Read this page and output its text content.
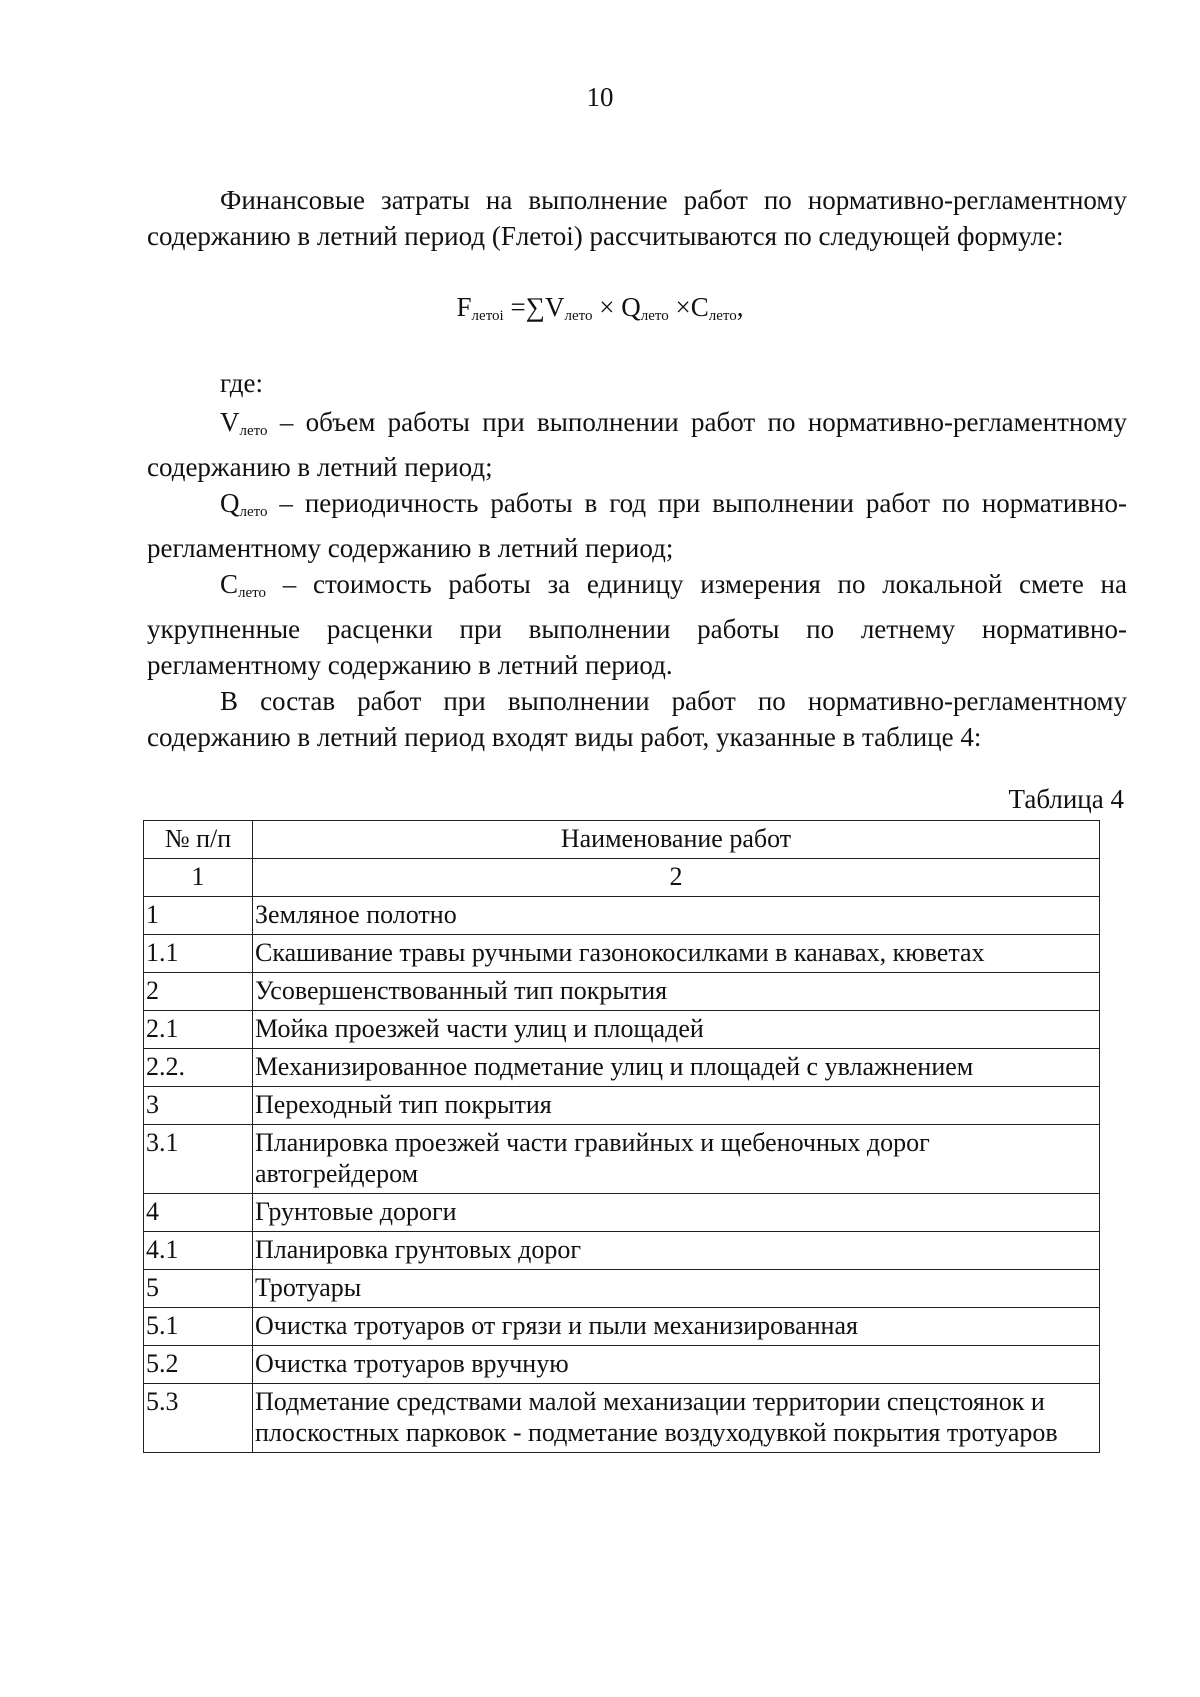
10

Финансовые затраты на выполнение работ по нормативно-регламентному содержанию в летний период (Fлетоi) рассчитываются по следующей формуле:

$F_{летоi} =\sum V_{лето} \times Q_{лето} \times C_{лето}$,
где:

$V_{лето}$ – объем работы при выполнении работ по нормативно-регламентному содержанию в летний период;

$Q_{лето}$ – периодичность работы в год при выполнении работ по нормативно-регламентному содержанию в летний период;

$C_{лето}$ – стоимость работы за единицу измерения по локальной смете на укрупненные расценки при выполнении работы по летнему нормативно-регламентному содержанию в летний период.

В состав работ при выполнении работ по нормативно-регламентному содержанию в летний период входят виды работ, указанные в таблице 4:

Таблица 4
№ п/п	Наименование работ
1	2
1	Земляное полотно
1.1	Скашивание травы ручными газонокосилками в канавах, кюветах
2	Усовершенствованный тип покрытия
2.1	Мойка проезжей части улиц и площадей
2.2.	Механизированное подметание улиц и площадей с увлажнением
3	Переходный тип покрытия
3.1	Планировка проезжей части гравийных и щебеночных дорог автогрейдером
4	Грунтовые дороги
4.1	Планировка грунтовых дорог
5	Тротуары
5.1	Очистка тротуаров от грязи и пыли механизированная
5.2	Очистка тротуаров вручную
5.3	Подметание средствами малой механизации территории спецстоянок и плоскостных парковок - подметание воздуходувкой покрытия тротуаров
